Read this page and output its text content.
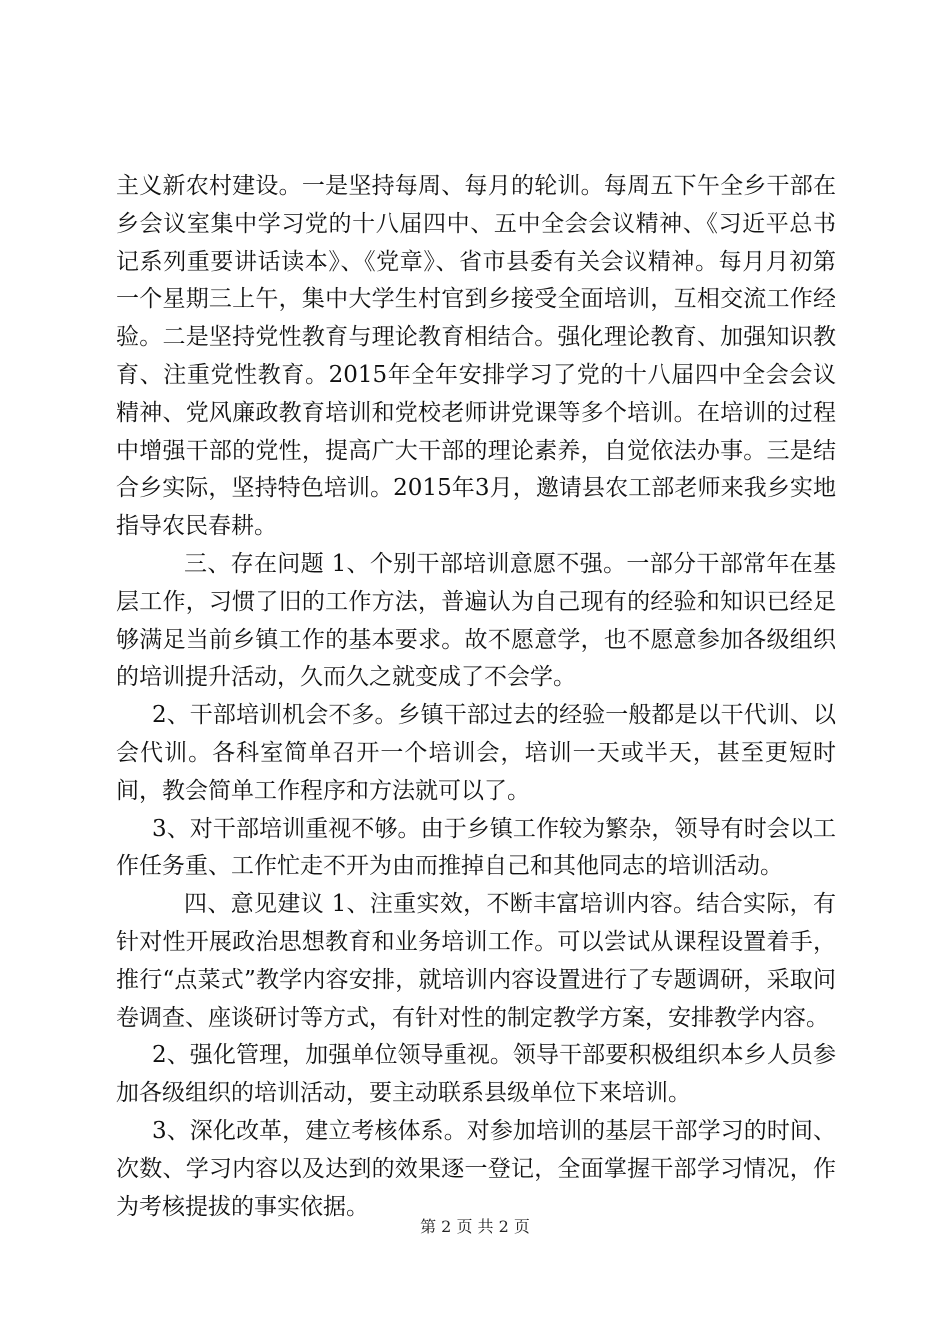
主义新农村建设。一是坚持每周、每月的轮训。每周五下午全乡干部在乡会议室集中学习党的十八届四中、五中全会会议精神、《习近平总书记系列重要讲话读本》、《党章》、省市县委有关会议精神。每月月初第一个星期三上午，集中大学生村官到乡接受全面培训，互相交流工作经验。二是坚持党性教育与理论教育相结合。强化理论教育、加强知识教育、注重党性教育。2015年全年安排学习了党的十八届四中全会会议精神、党风廉政教育培训和党校老师讲党课等多个培训。在培训的过程中增强干部的党性，提高广大干部的理论素养，自觉依法办事。三是结合乡实际，坚持特色培训。2015年3月，邀请县农工部老师来我乡实地指导农民春耕。

三、存在问题 1、个别干部培训意愿不强。一部分干部常年在基层工作，习惯了旧的工作方法，普遍认为自己现有的经验和知识已经足够满足当前乡镇工作的基本要求。故不愿意学，也不愿意参加各级组织的培训提升活动，久而久之就变成了不会学。

2、干部培训机会不多。乡镇干部过去的经验一般都是以干代训、以会代训。各科室简单召开一个培训会，培训一天或半天，甚至更短时间，教会简单工作程序和方法就可以了。

3、对干部培训重视不够。由于乡镇工作较为繁杂，领导有时会以工作任务重、工作忙走不开为由而推掉自己和其他同志的培训活动。

四、意见建议 1、注重实效，不断丰富培训内容。结合实际，有针对性开展政治思想教育和业务培训工作。可以尝试从课程设置着手，推行“点菜式”教学内容安排，就培训内容设置进行了专题调研，采取问卷调查、座谈研讨等方式，有针对性的制定教学方案，安排教学内容。

2、强化管理，加强单位领导重视。领导干部要积极组织本乡人员参加各级组织的培训活动，要主动联系县级单位下来培训。

3、深化改革，建立考核体系。对参加培训的基层干部学习的时间、次数、学习内容以及达到的效果逐一登记，全面掌握干部学习情况，作为考核提拔的事实依据。

第 2 页 共 2 页
